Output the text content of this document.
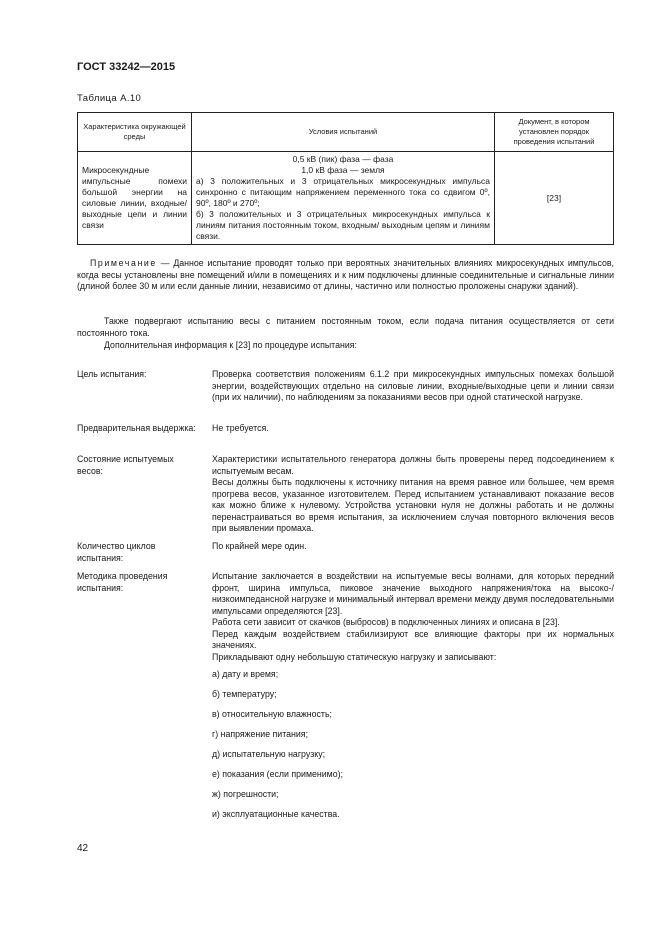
ГОСТ 33242—2015
Таблица А.10
Характеристика окружающей среды	Условия испытаний	Документ, в котором установлен порядок проведения испытаний
Микросекундные импульсные помехи большой энергии на силовые линии, входные/выходные цепи и линии связи	0,5 кВ (пик) фаза — фаза
1,0 кВ фаза — земля
а) 3 положительных и 3 отрицательных микросекундных импульса синхронно с питающим напряжением переменного тока со сдвигом 0º, 90º, 180º и 270º;
б) 3 положительных и 3 отрицательных микросекундных импульса к линиям питания постоянным током, входным/ выходным цепям и линиям связи.	[23]
Примечание — Данное испытание проводят только при вероятных значительных влияниях микросекундных импульсов, когда весы установлены вне помещений и/или в помещениях и к ним подключены длинные соединительные и сигнальные линии (длиной более 30 м или если данные линии, независимо от длины, частично или полностью проложены снаружи зданий).
Также подвергают испытанию весы с питанием постоянным током, если подача питания осуществляется от сети постоянного тока.
Дополнительная информация к [23] по процедуре испытания:
Цель испытания:	Проверка соответствия положениям 6.1.2 при микросекундных импульсных помехах большой энергии, воздействующих отдельно на силовые линии, входные/выходные цепи и линии связи (при их наличии), по наблюдениям за показаниями весов при одной статической нагрузке.
Предварительная выдержка:	Не требуется.
Состояние испытуемых весов:
Характеристики испытательного генератора должны быть проверены перед подсоединением к испытуемым весам.
Весы должны быть подключены к источнику питания на время равное или большее, чем время прогрева весов, указанное изготовителем. Перед испытанием устанавливают показание весов как можно ближе к нулевому. Устройства установки нуля не должны работать и не должны перенастраиваться во время испытания, за исключением случая повторного включения весов при выявлении промаха.
Количество циклов испытания:
По крайней мере один.
Методика проведения испытания:
Испытание заключается в воздействии на испытуемые весы волнами, для которых передний фронт, ширина импульса, пиковое значение выходного напряжения/тока на высоко-/низкоимпедансной нагрузке и минимальный интервал времени между двумя последовательными импульсами определяются [23].
Работа сети зависит от скачков (выбросов) в подключенных линиях и описана в [23].
Перед каждым воздействием стабилизируют все влияющие факторы при их нормальных значениях.
Прикладывают одну небольшую статическую нагрузку и записывают:
а) дату и время;
б) температуру;
в) относительную влажность;
г) напряжение питания;
д) испытательную нагрузку;
е) показания (если применимо);
ж) погрешности;
и) эксплуатационные качества.
42
